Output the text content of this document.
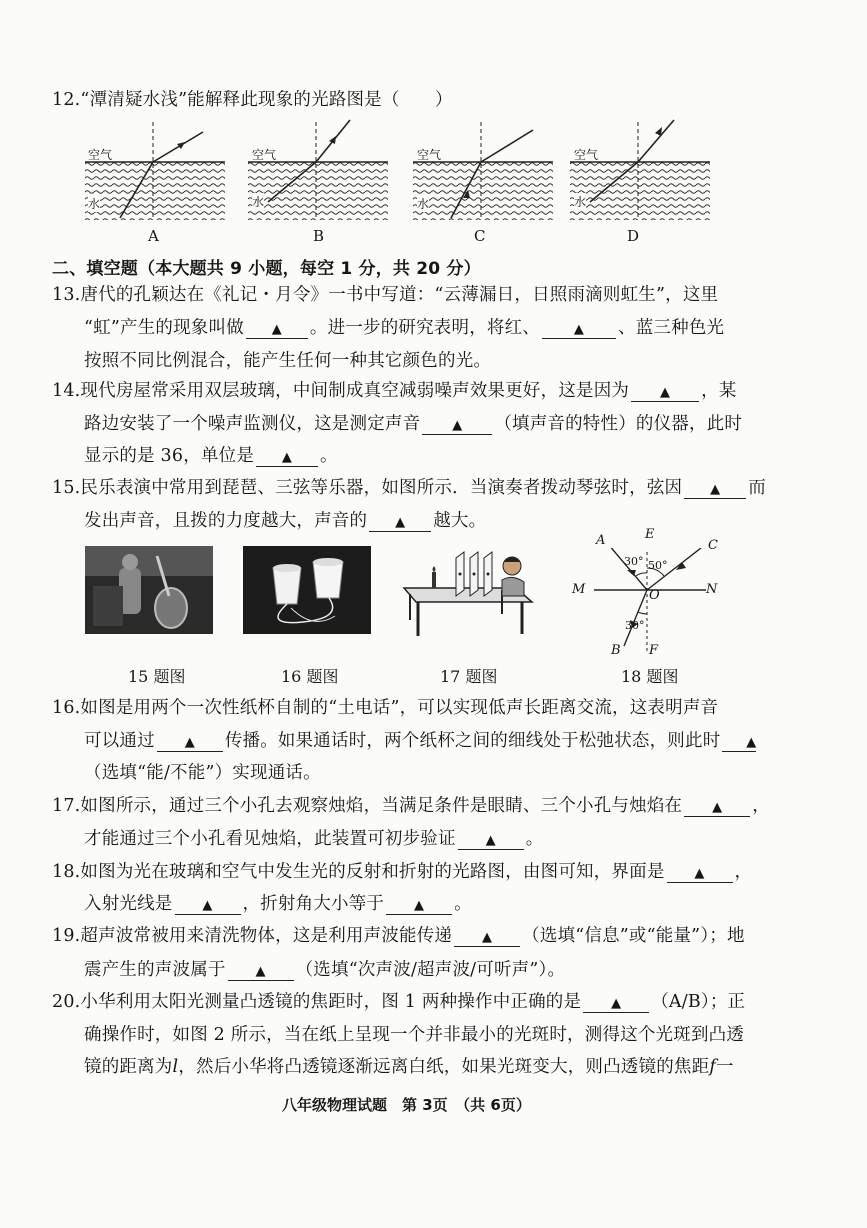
12.“潭清疑水浅”能解释此现象的光路图是（　　）
空气
水
空气
水
空气
水
空气
水
A	B	C	D
二、填空题（本大题共 9 小题，每空 1 分，共 20 分）
13.唐代的孔颖达在《礼记・月令》一书中写道：“云薄漏日，日照雨滴则虹生”，这里
“虹”产生的现象叫做 ▲ 。进一步的研究表明，将红、	▲ 、蓝三种色光
按照不同比例混合，能产生任何一种其它颜色的光。
14.现代房屋常采用双层玻璃，中间制成真空减弱噪声效果更好，这是因为 ▲ ，某
路边安装了一个噪声监测仪，这是测定声音 ▲ （填声音的特性）的仪器，此时
显示的是 36，单位是 ▲ 。
15.民乐表演中常用到琵琶、三弦等乐器，如图所示．当演奏者拨动琴弦时，弦因 ▲ 而
发出声音，且拨的力度越大，声音的 ▲ 越大。
A	E
C
M	N
O
B F
30° 50°
30°
15 题图	16 题图	17 题图	18 题图
16.如图是用两个一次性纸杯自制的“土电话”，可以实现低声长距离交流，这表明声音
可以通过 ▲ 传播。如果通话时，两个纸杯之间的细线处于松弛状态，则此时 ▲
（选填“能/不能”）实现通话。
17.如图所示，通过三个小孔去观察烛焰，当满足条件是眼睛、三个小孔与烛焰在 ▲ ，
才能通过三个小孔看见烛焰，此装置可初步验证 ▲ 。
18.如图为光在玻璃和空气中发生光的反射和折射的光路图，由图可知，界面是 ▲ ，
入射光线是 ▲ ，折射角大小等于 ▲ 。
19.超声波常被用来清洗物体，这是利用声波能传递 ▲ （选填“信息”或“能量”）；地
震产生的声波属于 ▲ （选填“次声波/超声波/可听声”）。
20.小华利用太阳光测量凸透镜的焦距时，图 1 两种操作中正确的是 ▲ （A/B）；正
确操作时，如图 2 所示，当在纸上呈现一个并非最小的光斑时，测得这个光斑到凸透
镜的距离为l，然后小华将凸透镜逐渐远离白纸，如果光斑变大，则凸透镜的焦距f一
八年级物理试题　第 3页　（共 6页）
